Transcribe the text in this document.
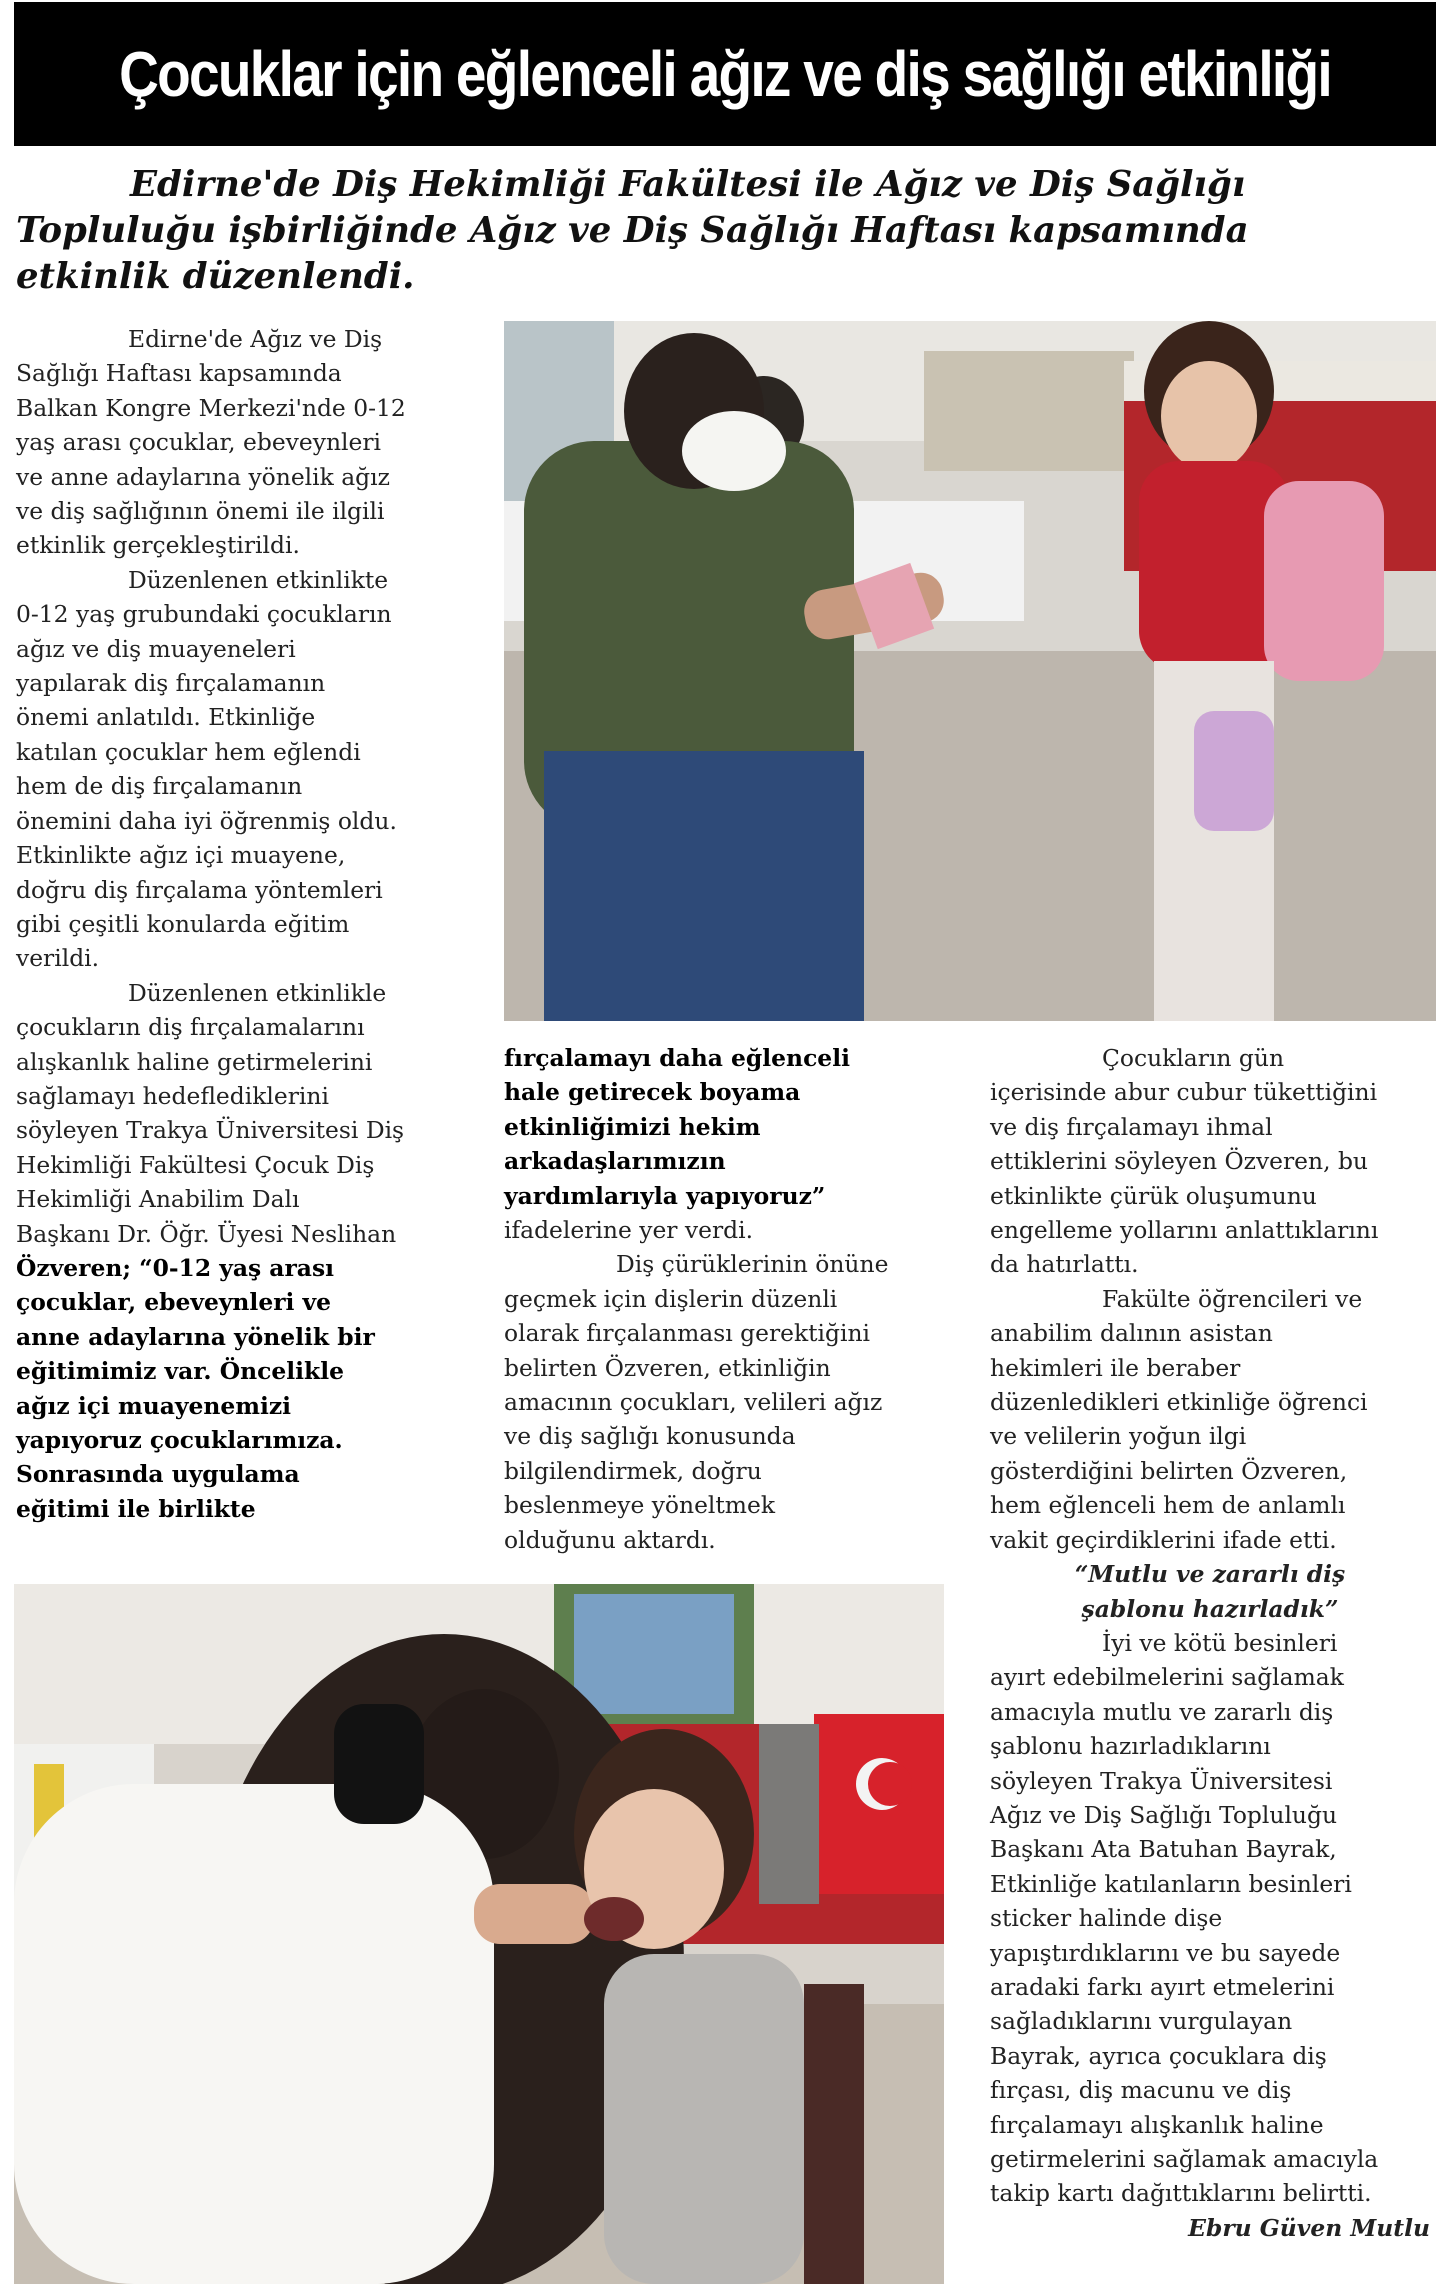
Çocuklar için eğlenceli ağız ve diş sağlığı etkinliği
Edirne'de Diş Hekimliği Fakültesi ile Ağız ve Diş Sağlığı
Topluluğu işbirliğinde Ağız ve Diş Sağlığı Haftası kapsamında
etkinlik düzenlendi.
Edirne'de Ağız ve Diş
Sağlığı Haftası kapsamında
Balkan Kongre Merkezi'nde 0-12
yaş arası çocuklar, ebeveynleri
ve anne adaylarına yönelik ağız
ve diş sağlığının önemi ile ilgili
etkinlik gerçekleştirildi.
Düzenlenen etkinlikte
0-12 yaş grubundaki çocukların
ağız ve diş muayeneleri
yapılarak diş fırçalamanın
önemi anlatıldı. Etkinliğe
katılan çocuklar hem eğlendi
hem de diş fırçalamanın
önemini daha iyi öğrenmiş oldu.
Etkinlikte ağız içi muayene,
doğru diş fırçalama yöntemleri
gibi çeşitli konularda eğitim
verildi.
Düzenlenen etkinlikle
çocukların diş fırçalamalarını
alışkanlık haline getirmelerini
sağlamayı hedeflediklerini
söyleyen Trakya Üniversitesi Diş
Hekimliği Fakültesi Çocuk Diş
Hekimliği Anabilim Dalı
Başkanı Dr. Öğr. Üyesi Neslihan
Özveren; “0-12 yaş arası
çocuklar, ebeveynleri ve
anne adaylarına yönelik bir
eğitimimiz var. Öncelikle
ağız içi muayenemizi
yapıyoruz çocuklarımıza.
Sonrasında uygulama
eğitimi ile birlikte
fırçalamayı daha eğlenceli
hale getirecek boyama
etkinliğimizi hekim
arkadaşlarımızın
yardımlarıyla yapıyoruz”
ifadelerine yer verdi.
Diş çürüklerinin önüne
geçmek için dişlerin düzenli
olarak fırçalanması gerektiğini
belirten Özveren, etkinliğin
amacının çocukları, velileri ağız
ve diş sağlığı konusunda
bilgilendirmek, doğru
beslenmeye yöneltmek
olduğunu aktardı.
Çocukların gün
içerisinde abur cubur tükettiğini
ve diş fırçalamayı ihmal
ettiklerini söyleyen Özveren, bu
etkinlikte çürük oluşumunu
engelleme yollarını anlattıklarını
da hatırlattı.
Fakülte öğrencileri ve
anabilim dalının asistan
hekimleri ile beraber
düzenledikleri etkinliğe öğrenci
ve velilerin yoğun ilgi
gösterdiğini belirten Özveren,
hem eğlenceli hem de anlamlı
vakit geçirdiklerini ifade etti.
“Mutlu ve zararlı diş
şablonu hazırladık”
İyi ve kötü besinleri
ayırt edebilmelerini sağlamak
amacıyla mutlu ve zararlı diş
şablonu hazırladıklarını
söyleyen Trakya Üniversitesi
Ağız ve Diş Sağlığı Topluluğu
Başkanı Ata Batuhan Bayrak,
Etkinliğe katılanların besinleri
sticker halinde dişe
yapıştırdıklarını ve bu sayede
aradaki farkı ayırt etmelerini
sağladıklarını vurgulayan
Bayrak, ayrıca çocuklara diş
fırçası, diş macunu ve diş
fırçalamayı alışkanlık haline
getirmelerini sağlamak amacıyla
takip kartı dağıttıklarını belirtti.
Ebru Güven Mutlu
